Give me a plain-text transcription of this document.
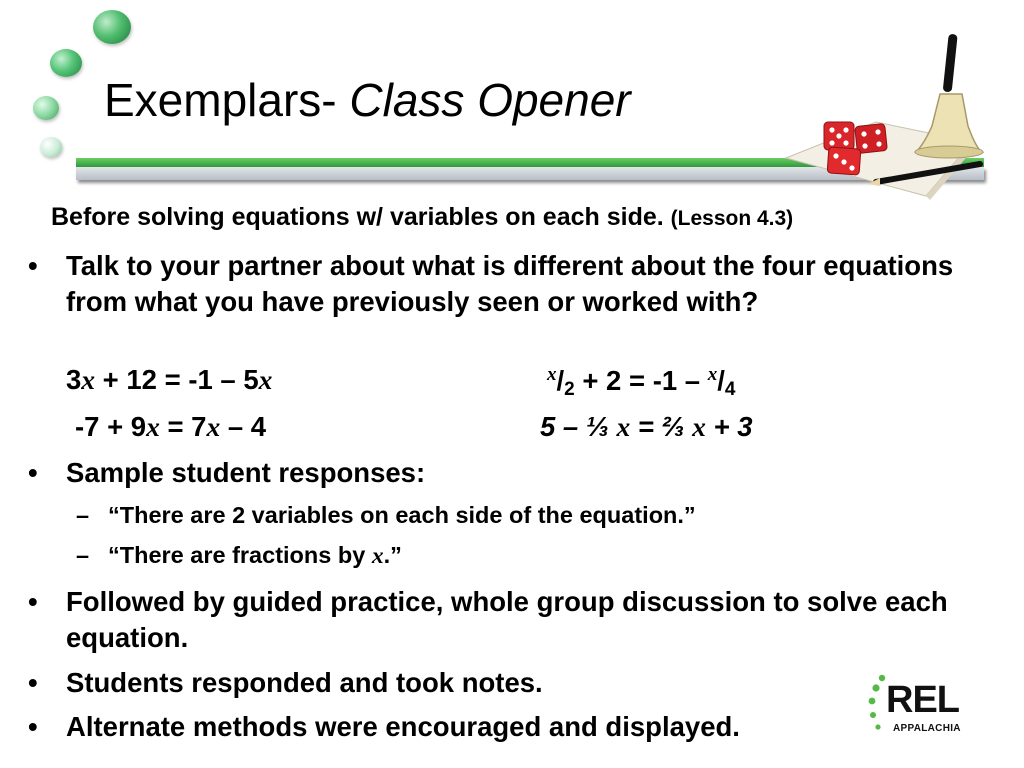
Exemplars- Class Opener
Before solving equations w/ variables on each side. (Lesson 4.3)
•	Talk to your partner about what is different about the four equations from what you have previously seen or worked with?
3x + 12 = -1 – 5x	$^x/_2 + 2 = -1 - ^x/_4$
-7 + 9x = 7x – 4	5 – ⅓ x = ⅔ x + 3
•	Sample student responses:
– “There are 2 variables on each side of the equation.”
– “There are fractions by x.”
•	Followed by guided practice, whole group discussion to solve each equation.
•	Students responded and took notes.
•	Alternate methods were encouraged and displayed.
REL
APPALACHIA
